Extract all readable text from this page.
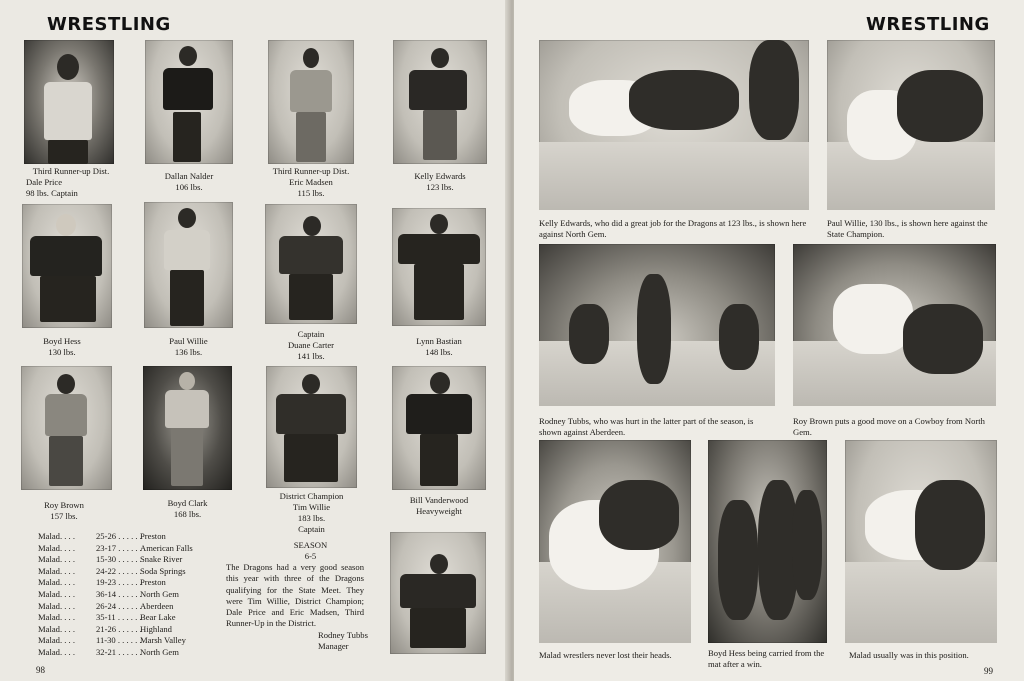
WRESTLING
Third Runner-up Dist.
Dale Price
98 lbs. Captain
Dallan Nalder
106 lbs.
Third Runner-up Dist.
Eric Madsen
115 lbs.
Kelly Edwards
123 lbs.
Boyd Hess
130 lbs.
Paul Willie
136 lbs.
Captain
Duane Carter
141 lbs.
Lynn Bastian
148 lbs.
Roy Brown
157 lbs.
Boyd Clark
168 lbs.
District Champion
Tim Willie
183 lbs.
Captain
Bill Vanderwood
Heavyweight
Malad. . . . 25-26 . . . . . .Preston
Malad. . . . 23-17 . . . . . .American Falls
Malad. . . . 15-30 . . . . . .Snake River
Malad. . . . 24-22 . . . . . .Soda Springs
Malad. . . . 19-23 . . . . . .Preston
Malad. . . . 36-14 . . . . . .North Gem
Malad. . . . 26-24 . . . . . .Aberdeen
Malad. . . . 35-11 . . . . . .Bear Lake
Malad. . . . 21-26 . . . . . .Highland
Malad. . . . 11-30 . . . . . .Marsh Valley
Malad. . . . 32-21 . . . . . .North Gem
SEASON
6-5
The Dragons had a very good season this year with three of the Dragons qualifying for the State Meet. They were Tim Willie, District Champion; Dale Price and Eric Madsen, Third Runner-Up in the District.
Rodney Tubbs
Manager
98
WRESTLING
Kelly Edwards, who did a great job for the Dragons at 123 lbs., is shown here against North Gem.
Paul Willie, 130 lbs., is shown here against the State Champion.
Rodney Tubbs, who was hurt in the latter part of the season, is shown against Aberdeen.
Roy Brown puts a good move on a Cowboy from North Gem.
Malad wrestlers never lost their heads.	Boyd Hess being carried from the mat after a win.
Malad usually was in this position.
99
